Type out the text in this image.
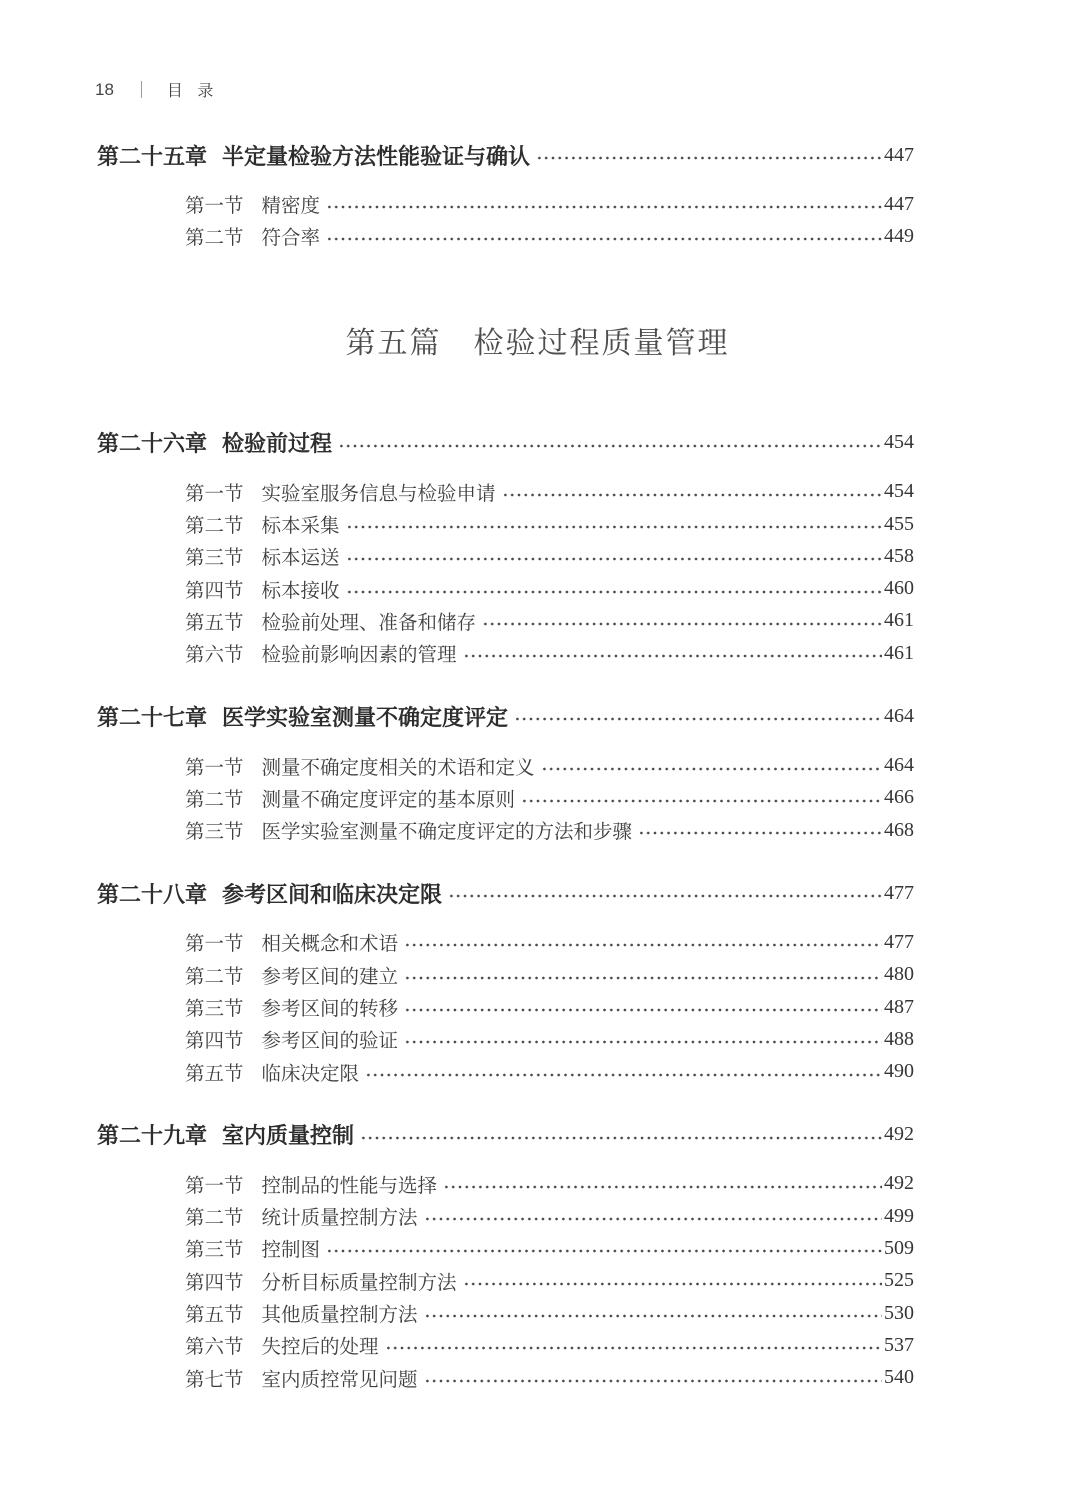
18	目 录
第二十五章 半定量检验方法性能验证与确认	447
第一节 精密度	447
第二节 符合率	449
第五篇 检验过程质量管理
第二十六章 检验前过程	454
第一节 实验室服务信息与检验申请	454
第二节 标本采集	455
第三节 标本运送	458
第四节 标本接收	460
第五节 检验前处理、准备和储存	461
第六节 检验前影响因素的管理	461
第二十七章 医学实验室测量不确定度评定	464
第一节 测量不确定度相关的术语和定义	464
第二节 测量不确定度评定的基本原则	466
第三节 医学实验室测量不确定度评定的方法和步骤	468
第二十八章 参考区间和临床决定限	477
第一节 相关概念和术语	477
第二节 参考区间的建立	480
第三节 参考区间的转移	487
第四节 参考区间的验证	488
第五节 临床决定限	490
第二十九章 室内质量控制	492
第一节 控制品的性能与选择	492
第二节 统计质量控制方法	499
第三节 控制图	509
第四节 分析目标质量控制方法	525
第五节 其他质量控制方法	530
第六节 失控后的处理	537
第七节 室内质控常见问题	540
